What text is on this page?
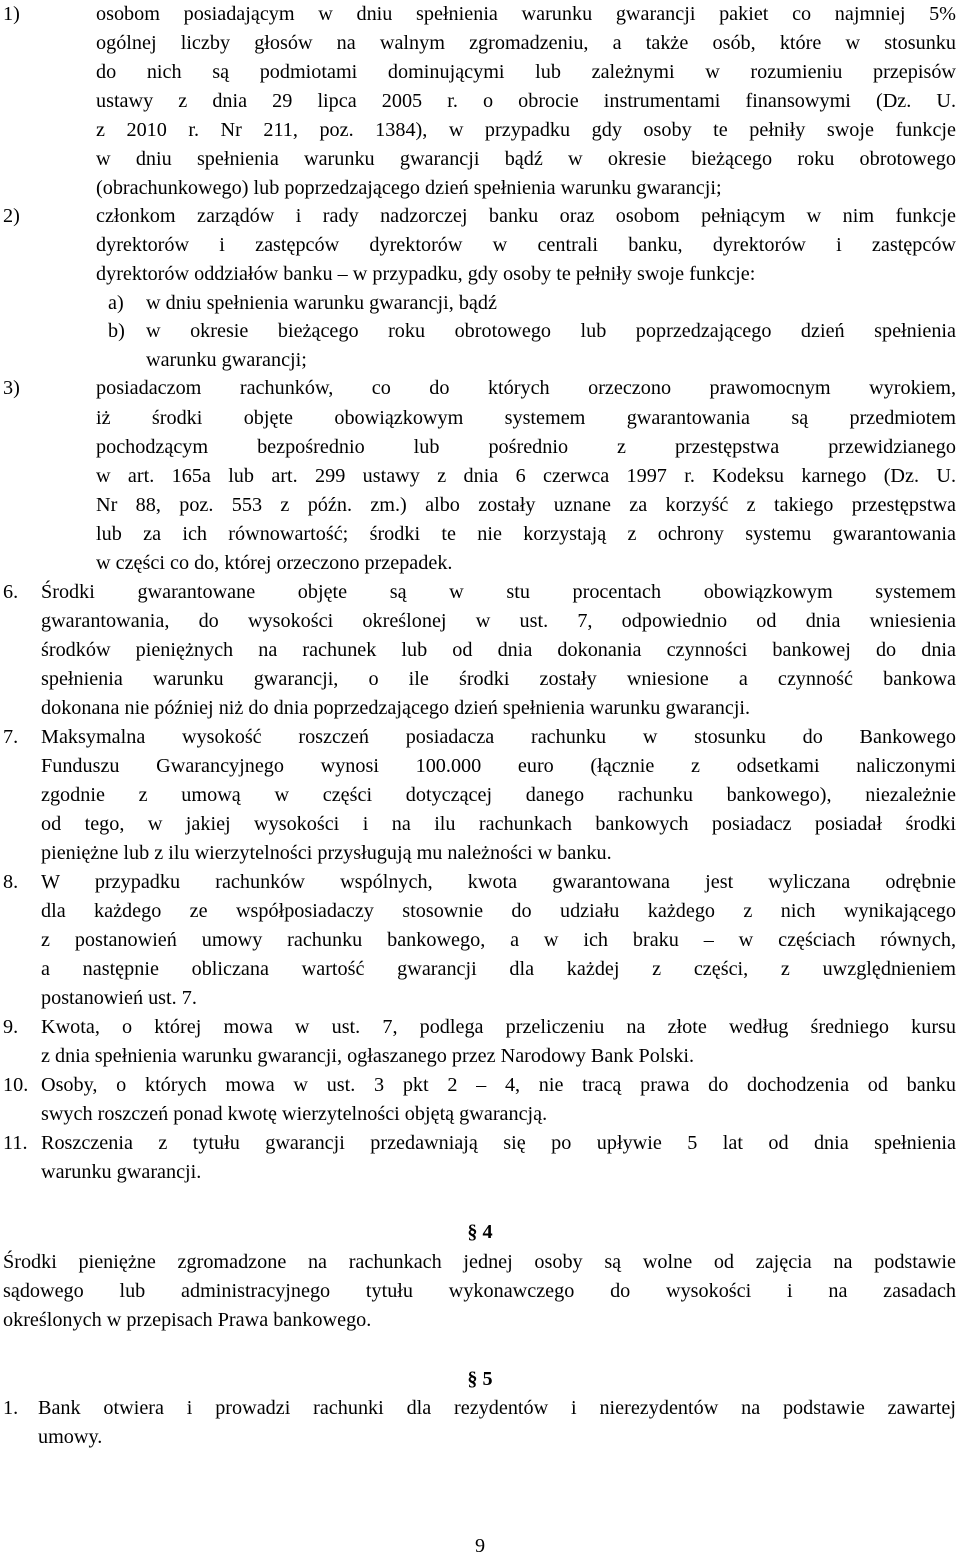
1)	osobom posiadającym w dniu spełnienia warunku gwarancji pakiet co najmniej 5%
ogólnej liczby głosów na walnym zgromadzeniu, a także osób, które w stosunku
do nich są podmiotami dominującymi lub zależnymi w rozumieniu przepisów
ustawy z dnia 29 lipca 2005 r. o obrocie instrumentami finansowymi (Dz. U.
z 2010 r. Nr 211, poz. 1384), w przypadku gdy osoby te pełniły swoje funkcje
w dniu spełnienia warunku gwarancji bądź w okresie bieżącego roku obrotowego
(obrachunkowego) lub poprzedzającego dzień spełnienia warunku gwarancji;
2)	członkom zarządów i rady nadzorczej banku oraz osobom pełniącym w nim funkcje
dyrektorów i zastępców dyrektorów w centrali banku, dyrektorów i zastępców
dyrektorów oddziałów banku – w przypadku, gdy osoby te pełniły swoje funkcje:
a) w dniu spełnienia warunku gwarancji, bądź
b) w okresie bieżącego roku obrotowego lub poprzedzającego dzień spełnienia
warunku gwarancji;
3)	posiadaczom rachunków, co do których orzeczono prawomocnym wyrokiem,
iż środki objęte obowiązkowym systemem gwarantowania są przedmiotem
pochodzącym bezpośrednio lub pośrednio z przestępstwa przewidzianego
w art. 165a lub art. 299 ustawy z dnia 6 czerwca 1997 r. Kodeksu karnego (Dz. U.
Nr 88, poz. 553 z późn. zm.) albo zostały uznane za korzyść z takiego przestępstwa
lub za ich równowartość; środki te nie korzystają z ochrony systemu gwarantowania
w części co do, której orzeczono przepadek.
6. Środki gwarantowane objęte są w stu procentach obowiązkowym systemem
gwarantowania, do wysokości określonej w ust. 7, odpowiednio od dnia wniesienia
środków pieniężnych na rachunek lub od dnia dokonania czynności bankowej do dnia
spełnienia warunku gwarancji, o ile środki zostały wniesione a czynność bankowa
dokonana nie później niż do dnia poprzedzającego dzień spełnienia warunku gwarancji.
7. Maksymalna wysokość roszczeń posiadacza rachunku w stosunku do Bankowego
Funduszu Gwarancyjnego wynosi 100.000 euro (łącznie z odsetkami naliczonymi
zgodnie z umową w części dotyczącej danego rachunku bankowego), niezależnie
od tego, w jakiej wysokości i na ilu rachunkach bankowych posiadacz posiadał środki
pieniężne lub z ilu wierzytelności przysługują mu należności w banku.
8. W przypadku rachunków wspólnych, kwota gwarantowana jest wyliczana odrębnie
dla każdego ze współposiadaczy stosownie do udziału każdego z nich wynikającego
z postanowień umowy rachunku bankowego, a w ich braku – w częściach równych,
a następnie obliczana wartość gwarancji dla każdej z części, z uwzględnieniem
postanowień ust. 7.
9. Kwota, o której mowa w ust. 7, podlega przeliczeniu na złote według średniego kursu
z dnia spełnienia warunku gwarancji, ogłaszanego przez Narodowy Bank Polski.
10. Osoby, o których mowa w ust. 3 pkt 2 – 4, nie tracą prawa do dochodzenia od banku
swych roszczeń ponad kwotę wierzytelności objętą gwarancją.
11. Roszczenia z tytułu gwarancji przedawniają się po upływie 5 lat od dnia spełnienia
warunku gwarancji.
§ 4
Środki pieniężne zgromadzone na rachunkach jednej osoby są wolne od zajęcia na podstawie
sądowego lub administracyjnego tytułu wykonawczego do wysokości i na zasadach
określonych w przepisach Prawa bankowego.
§ 5
1. Bank otwiera i prowadzi rachunki dla rezydentów i nierezydentów na podstawie zawartej
umowy.
9
